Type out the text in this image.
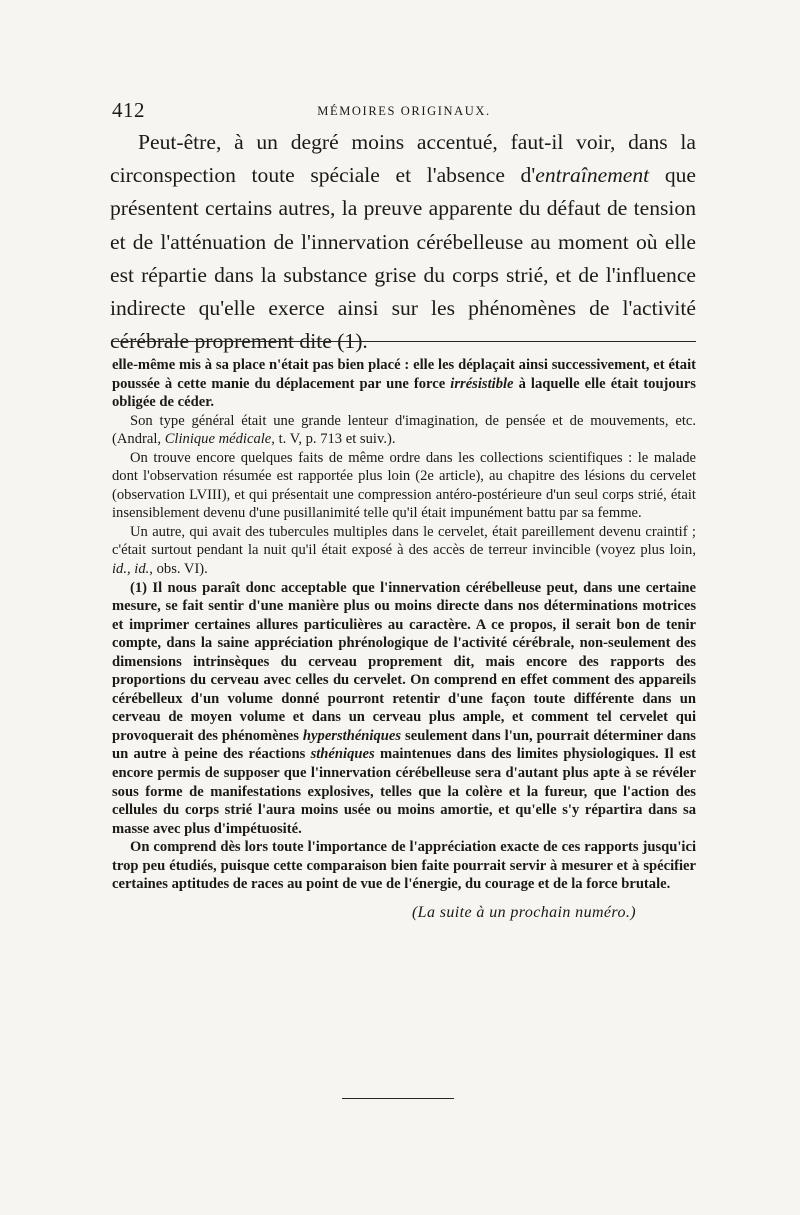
412	MÉMOIRES ORIGINAUX.

Peut-être, à un degré moins accentué, faut-il voir, dans la circonspection toute spéciale et l'absence d'entraînement que présentent certains autres, la preuve apparente du défaut de tension et de l'atténuation de l'innervation cérébelleuse au moment où elle est répartie dans la substance grise du corps strié, et de l'influence indirecte qu'elle exerce ainsi sur les phénomènes de l'activité cérébrale proprement dite (1).

elle-même mis à sa place n'était pas bien placé : elle les déplaçait ainsi successivement, et était poussée à cette manie du déplacement par une force irrésistible à laquelle elle était toujours obligée de céder.

Son type général était une grande lenteur d'imagination, de pensée et de mouvements, etc. (Andral, Clinique médicale, t. V, p. 713 et suiv.).

On trouve encore quelques faits de même ordre dans les collections scientifiques : le malade dont l'observation résumée est rapportée plus loin (2e article), au chapitre des lésions du cervelet (observation LVIII), et qui présentait une compression antéro-postérieure d'un seul corps strié, était insensiblement devenu d'une pusillanimité telle qu'il était impunément battu par sa femme.

Un autre, qui avait des tubercules multiples dans le cervelet, était pareillement devenu craintif ; c'était surtout pendant la nuit qu'il était exposé à des accès de terreur invincible (voyez plus loin, id., id., obs. VI).

(1) Il nous paraît donc acceptable que l'innervation cérébelleuse peut, dans une certaine mesure, se fait sentir d'une manière plus ou moins directe dans nos déterminations motrices et imprimer certaines allures particulières au caractère. A ce propos, il serait bon de tenir compte, dans la saine appréciation phrénologique de l'activité cérébrale, non-seulement des dimensions intrinsèques du cerveau proprement dit, mais encore des rapports des proportions du cerveau avec celles du cervelet. On comprend en effet comment des appareils cérébelleux d'un volume donné pourront retentir d'une façon toute différente dans un cerveau de moyen volume et dans un cerveau plus ample, et comment tel cervelet qui provoquerait des phénomènes hypersthéniques seulement dans l'un, pourrait déterminer dans un autre à peine des réactions sthéniques maintenues dans des limites physiologiques. Il est encore permis de supposer que l'innervation cérébelleuse sera d'autant plus apte à se révéler sous forme de manifestations explosives, telles que la colère et la fureur, que l'action des cellules du corps strié l'aura moins usée ou moins amortie, et qu'elle s'y répartira dans sa masse avec plus d'impétuosité.

On comprend dès lors toute l'importance de l'appréciation exacte de ces rapports jusqu'ici trop peu étudiés, puisque cette comparaison bien faite pourrait servir à mesurer et à spécifier certaines aptitudes de races au point de vue de l'énergie, du courage et de la force brutale.

(La suite à un prochain numéro.)
